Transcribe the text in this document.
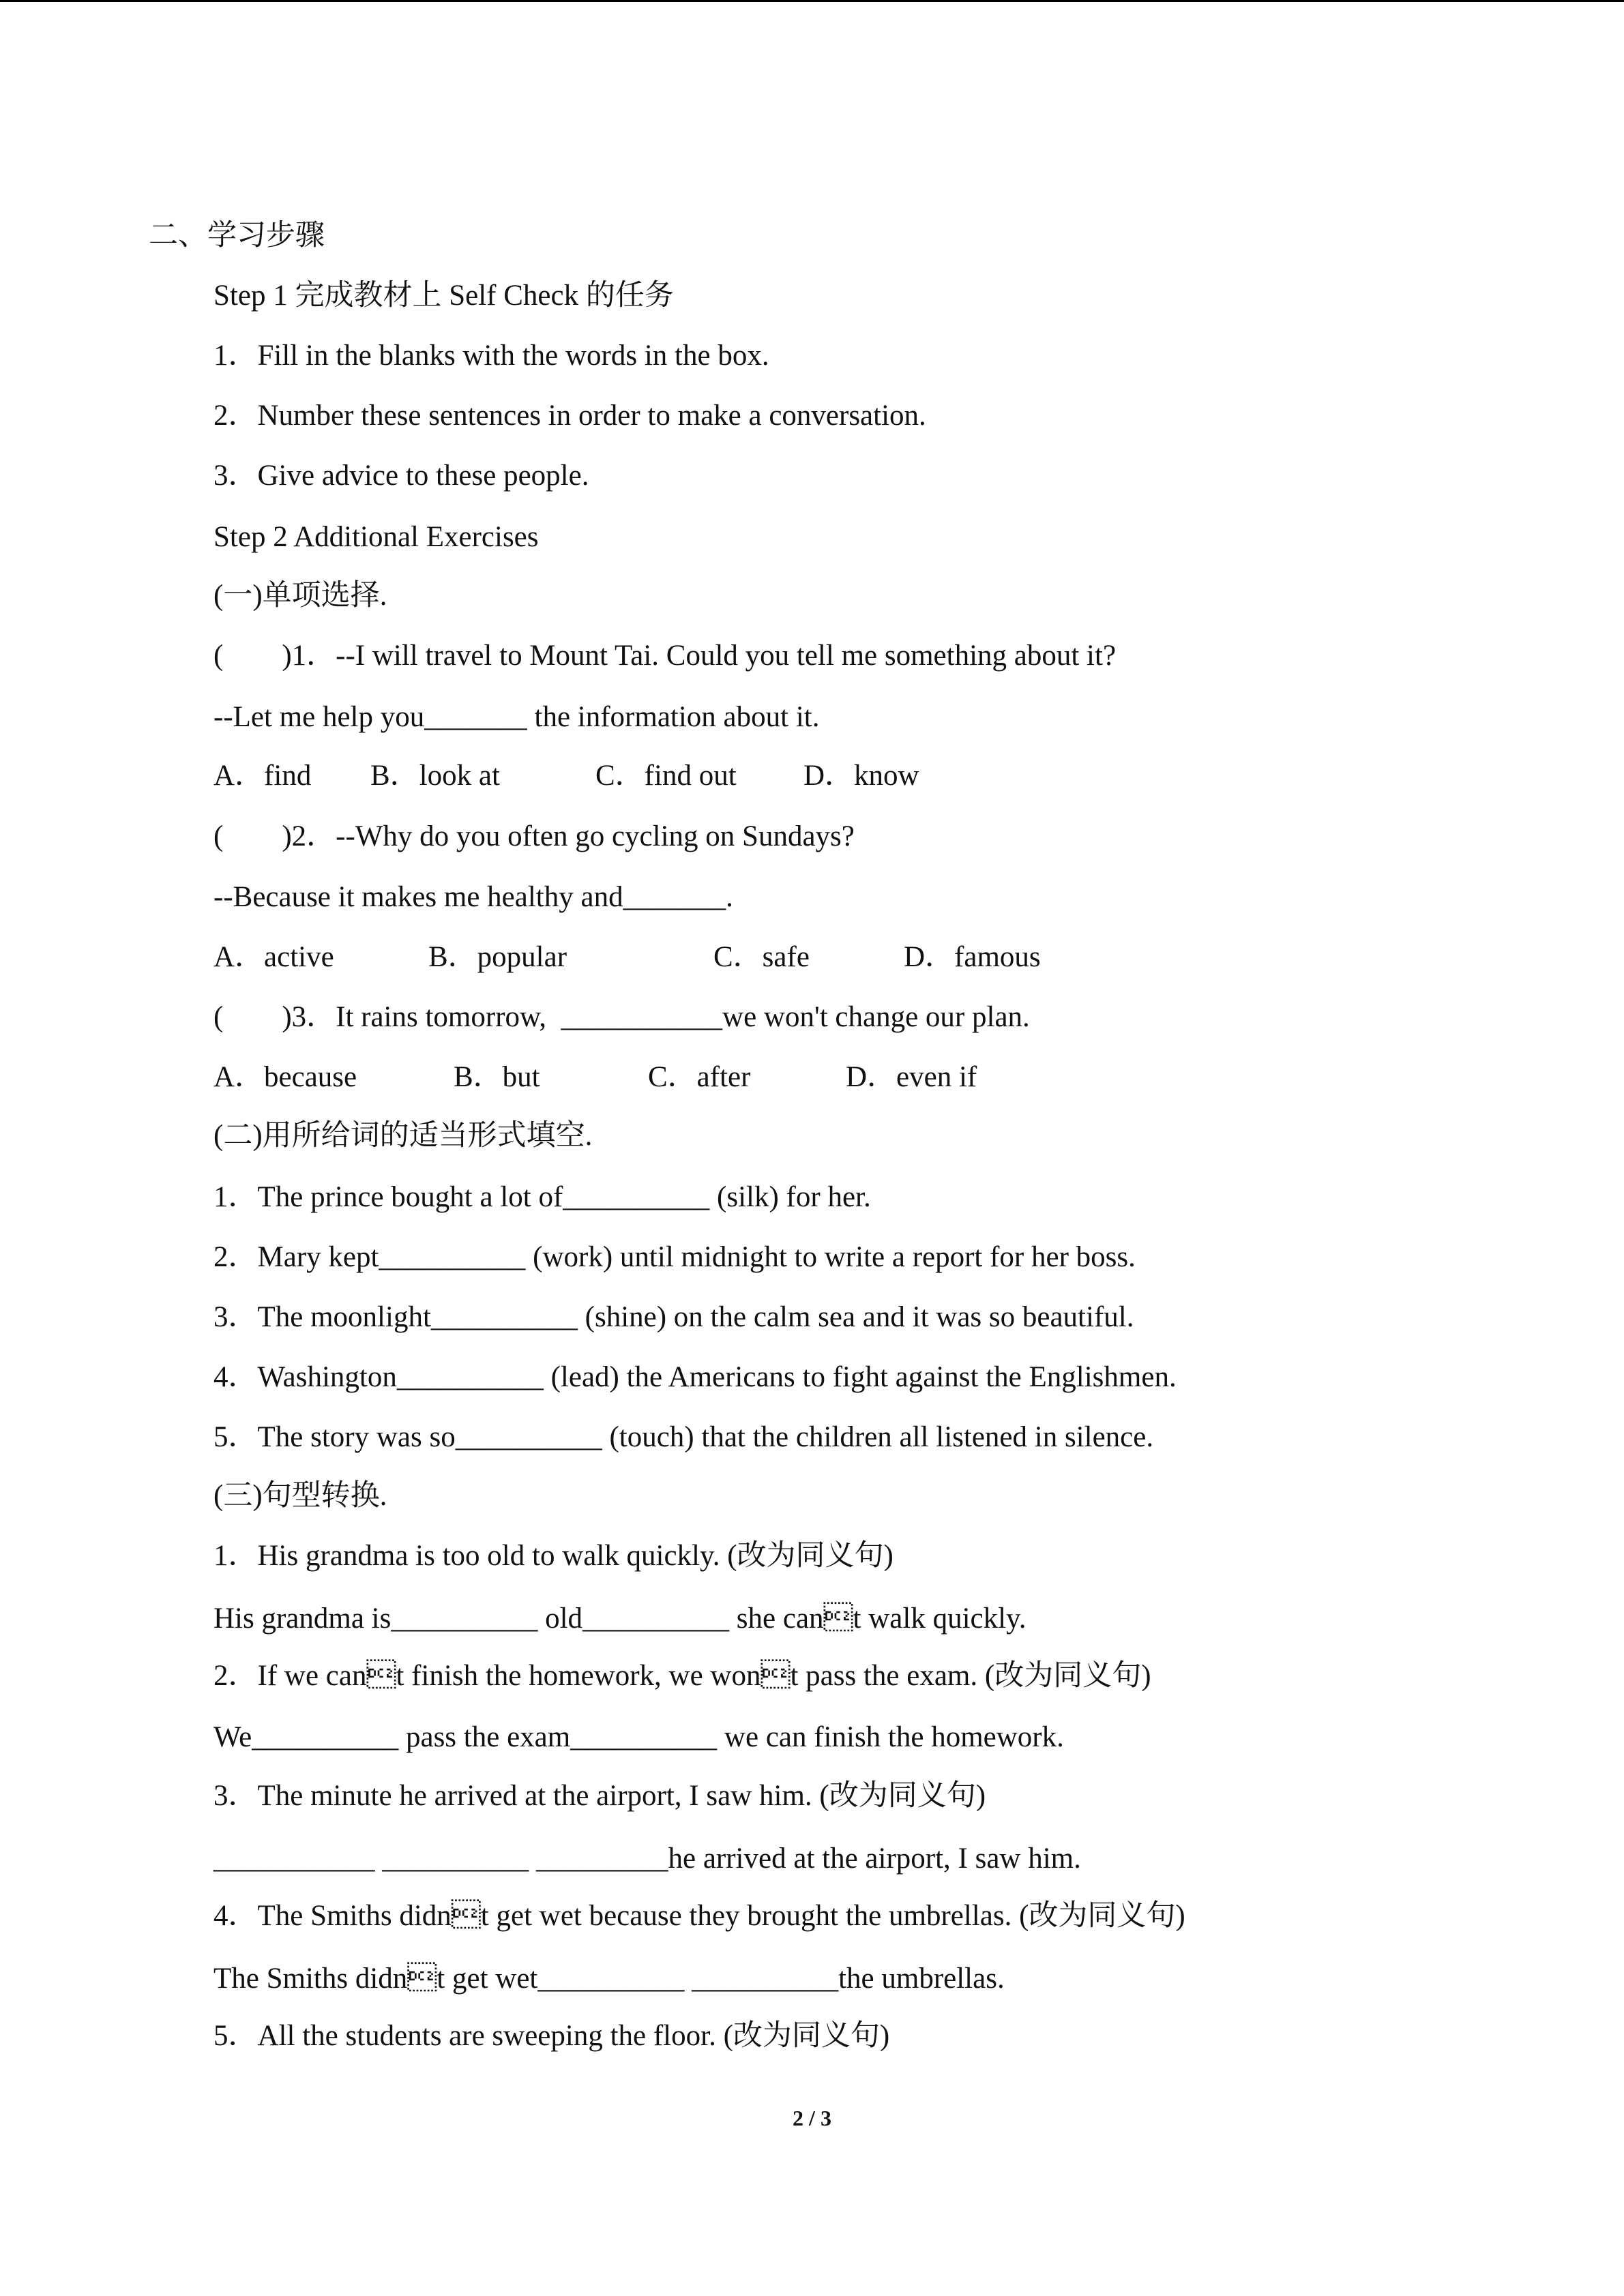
二、学习步骤
Step 1 完成教材上 Self Check 的任务
1．Fill in the blanks with the words in the box.
2．Number these sentences in order to make a conversation.
3．Give advice to these people.
Step 2 Additional Exercises
(一)单项选择.
(        )1．--I will travel to Mount Tai. Could you tell me something about it?
--Let me help you_______ the information about it.
A．find B．look at	C．find out D．know
(        )2．--Why do you often go cycling on Sundays?
--Because it makes me healthy and_______.
A．active	B．popular	C．safe	D．famous
(        )3．It rains tomorrow,  ___________we won't change our plan.
A．because	B．but	C．after	D．even if
(二)用所给词的适当形式填空.
1．The prince bought a lot of__________ (silk) for her.
2．Mary kept__________ (work) until midnight to write a report for her boss.
3．The moonlight__________ (shine) on the calm sea and it was so beautiful.
4．Washington__________ (lead) the Americans to fight against the Englishmen.
5．The story was so__________ (touch) that the children all listened in silence.
(三)句型转换.
1．His grandma is too old to walk quickly. (改为同义句)
His grandma is__________ old__________ she cant walk quickly.
2．If we cant finish the homework, we wont pass the exam. (改为同义句)
We__________ pass the exam__________ we can finish the homework.
3．The minute he arrived at the airport, I saw him. (改为同义句)
___________ __________ _________he arrived at the airport, I saw him.
4．The Smiths didnt get wet because they brought the umbrellas. (改为同义句)
The Smiths didnt get wet__________ __________the umbrellas.
5．All the students are sweeping the floor. (改为同义句)
2 / 3
